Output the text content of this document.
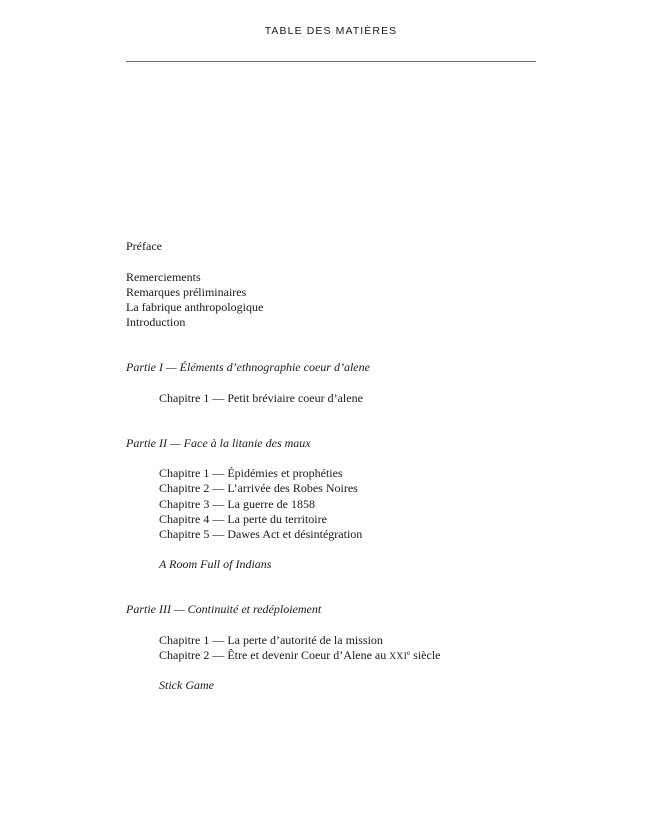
TABLE DES MATIÈRES
Préface
Remerciements
Remarques préliminaires
La fabrique anthropologique
Introduction
Partie I — Éléments d’ethnographie coeur d’alene
Chapitre 1 — Petit bréviaire coeur d’alene
Partie II — Face à la litanie des maux
Chapitre 1 — Épidémies et prophéties
Chapitre 2 — L’arrivée des Robes Noires
Chapitre 3 — La guerre de 1858
Chapitre 4 — La perte du territoire
Chapitre 5 — Dawes Act et désintégration
A Room Full of Indians
Partie III — Continuité et redéploiement
Chapitre 1 — La perte d’autorité de la mission
Chapitre 2 — Être et devenir Coeur d’Alene au XXIe siècle
Stick Game
